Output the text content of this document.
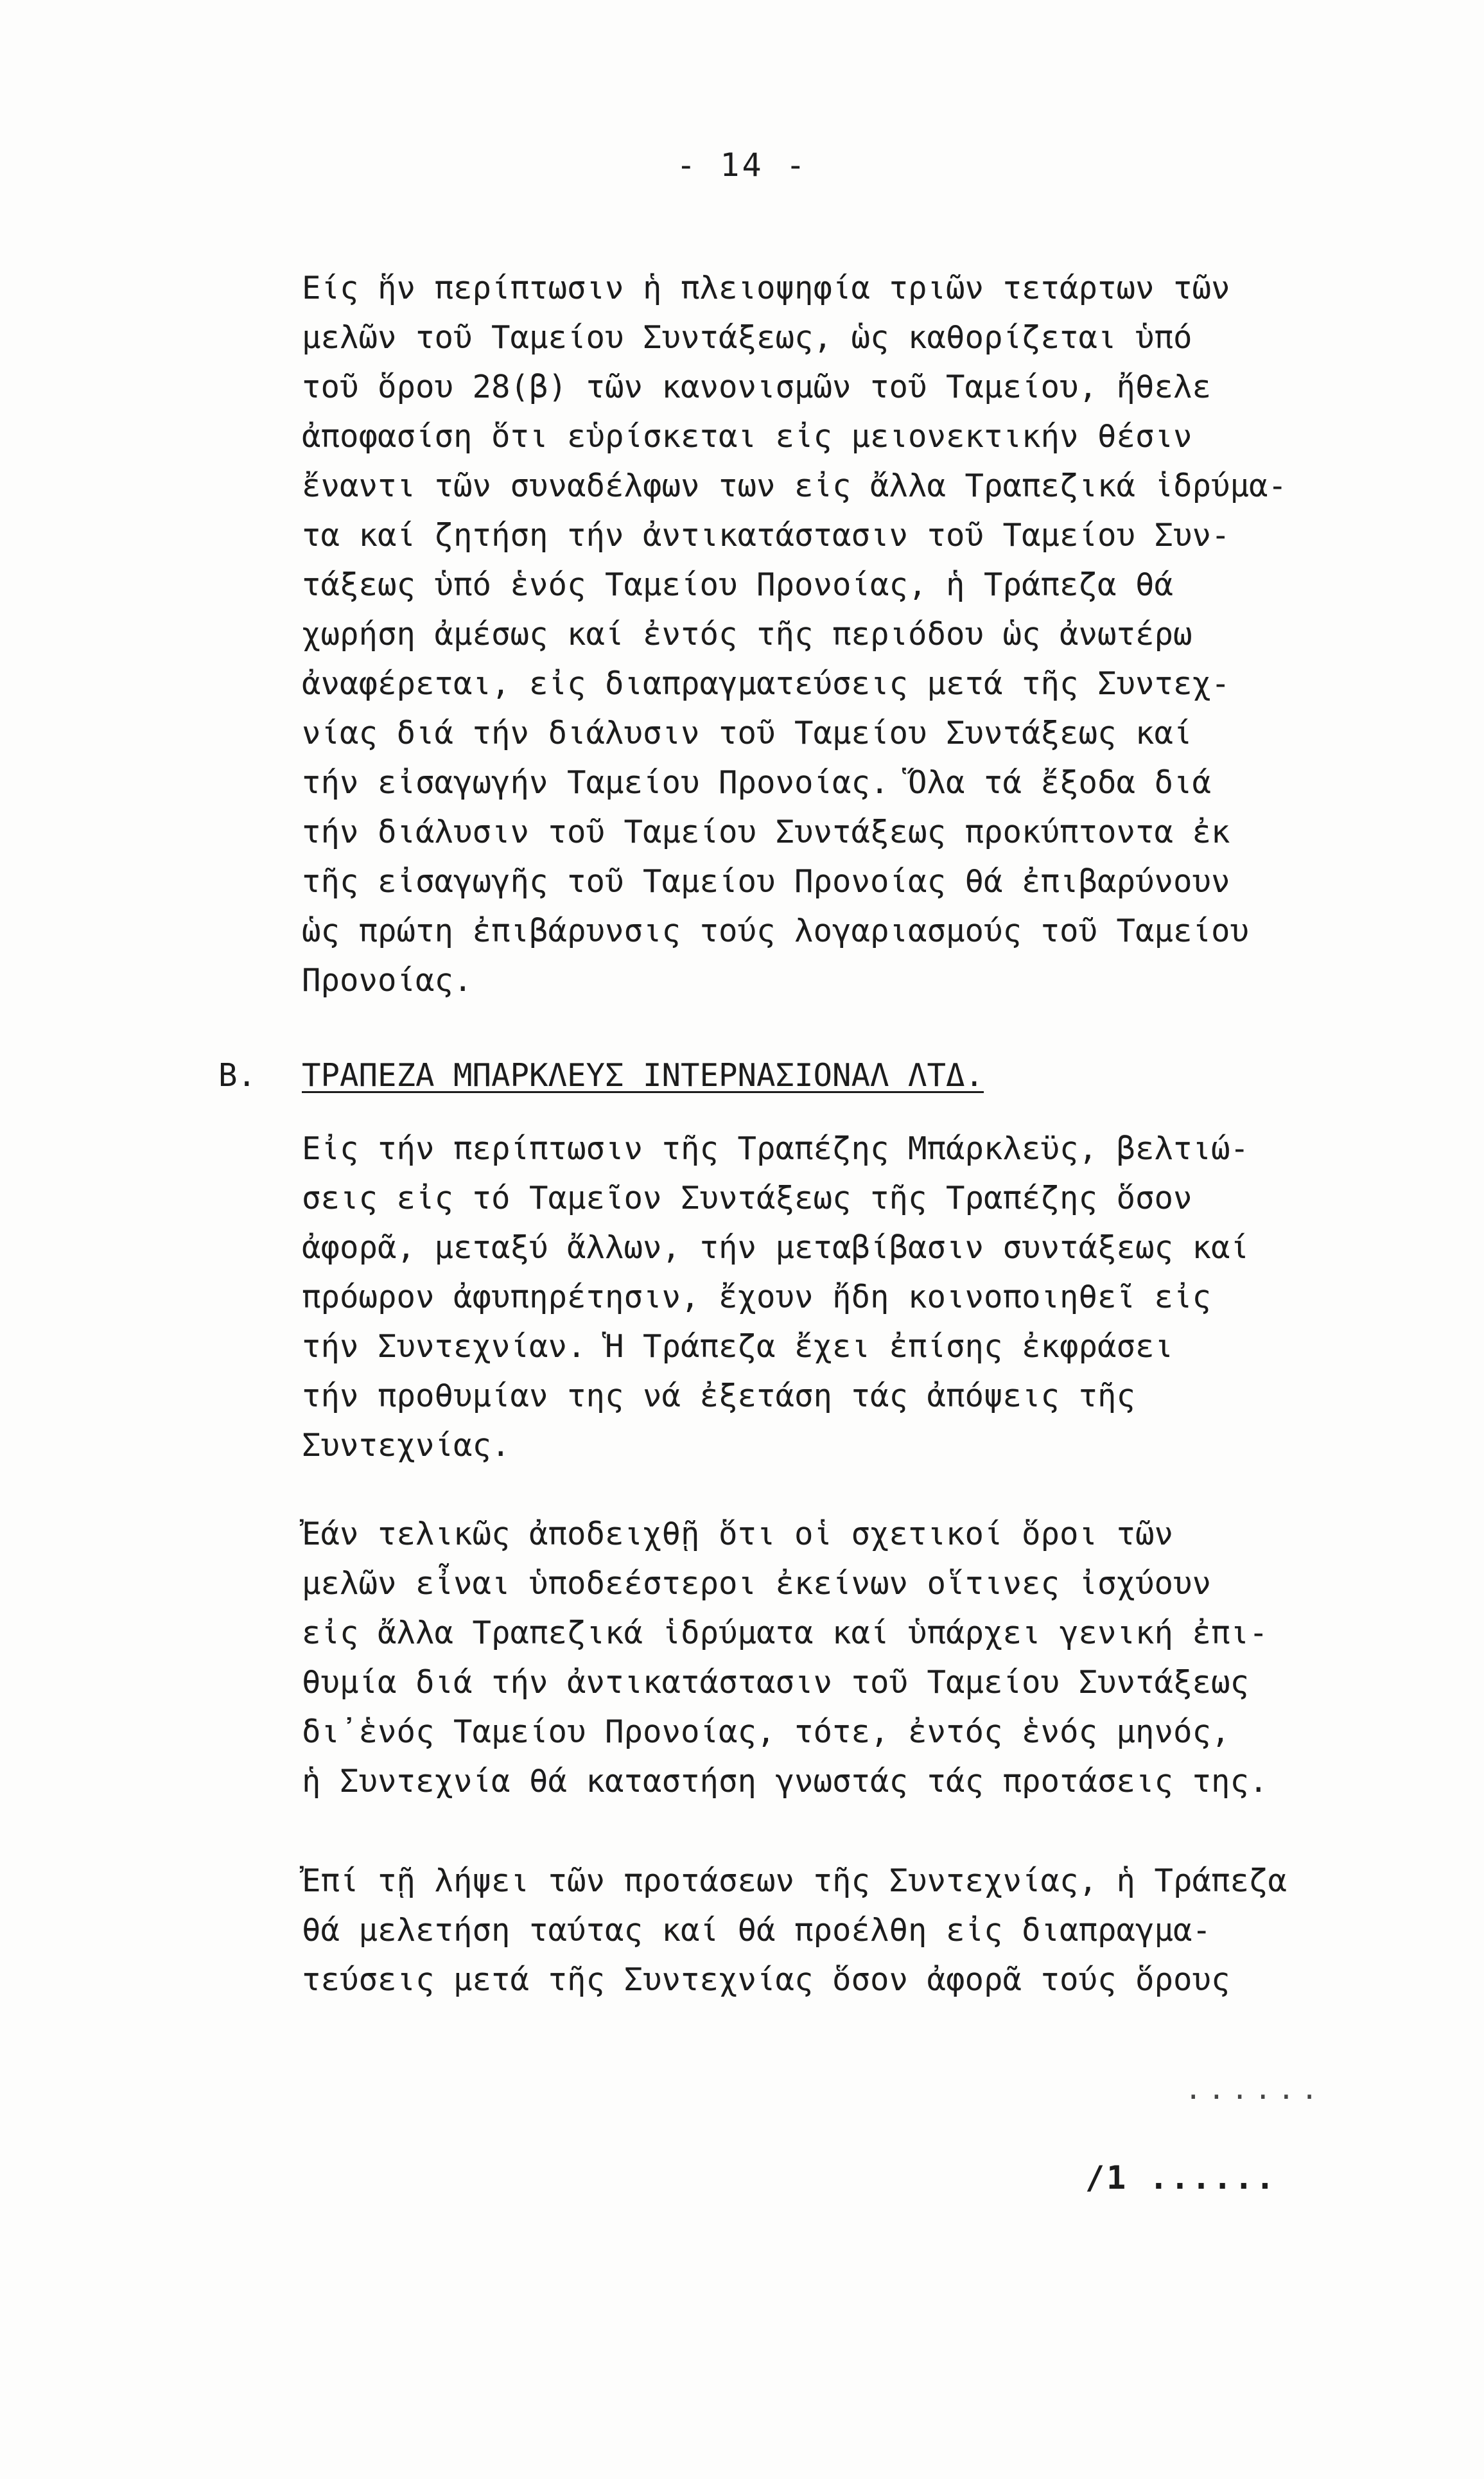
- 14 -
Είς ἥν περίπτωσιν ἡ πλειοψηφία τριῶν τετάρτων τῶν
μελῶν τοῦ Ταμείου Συντάξεως, ὡς καθορίζεται ὑπό
τοῦ ὅρου 28(β) τῶν κανονισμῶν τοῦ Ταμείου, ἤθελε
ἀποφασίση ὅτι εὑρίσκεται εἰς μειονεκτικήν θέσιν
ἔναντι τῶν συναδέλφων των εἰς ἄλλα Τραπεζικά ἱδρύμα-
τα καί ζητήση τήν ἀντικατάστασιν τοῦ Ταμείου Συν-
τάξεως ὑπό ἑνός Ταμείου Προνοίας, ἡ Τράπεζα θά
χωρήση ἀμέσως καί ἐντός τῆς περιόδου ὡς ἀνωτέρω
ἀναφέρεται, εἰς διαπραγματεύσεις μετά τῆς Συντεχ-
νίας διά τήν διάλυσιν τοῦ Ταμείου Συντάξεως καί
τήν εἰσαγωγήν Ταμείου Προνοίας. Ὅλα τά ἔξοδα διά
τήν διάλυσιν τοῦ Ταμείου Συντάξεως προκύπτοντα ἐκ
τῆς εἰσαγωγῆς τοῦ Ταμείου Προνοίας θά ἐπιβαρύνουν
ὡς πρώτη ἐπιβάρυνσις τούς λογαριασμούς τοῦ Ταμείου
Προνοίας.
B. ΤΡΑΠΕΖΑ ΜΠΑΡΚΛΕΥΣ ΙΝΤΕΡΝΑΣΙΟΝΑΛ ΛΤΔ.
Εἰς τήν περίπτωσιν τῆς Τραπέζης Μπάρκλεϋς, βελτιώ-
σεις εἰς τό Ταμεῖον Συντάξεως τῆς Τραπέζης ὅσον
ἀφορᾶ, μεταξύ ἄλλων, τήν μεταβίβασιν συντάξεως καί
πρόωρον ἀφυπηρέτησιν, ἔχουν ἤδη κοινοποιηθεῖ εἰς
τήν Συντεχνίαν. Ἡ Τράπεζα ἔχει ἐπίσης ἐκφράσει
τήν προθυμίαν της νά ἐξετάση τάς ἀπόψεις τῆς
Συντεχνίας.
Ἐάν τελικῶς ἀποδειχθῇ ὅτι οἱ σχετικοί ὅροι τῶν
μελῶν εἶναι ὑποδεέστεροι ἐκείνων οἵτινες ἰσχύουν
εἰς ἄλλα Τραπεζικά ἱδρύματα καί ὑπάρχει γενική ἐπι-
θυμία διά τήν ἀντικατάστασιν τοῦ Ταμείου Συντάξεως
δι᾽ἑνός Ταμείου Προνοίας, τότε, ἐντός ἑνός μηνός,
ἡ Συντεχνία θά καταστήση γνωστάς τάς προτάσεις της.
Ἐπί τῇ λήψει τῶν προτάσεων τῆς Συντεχνίας, ἡ Τράπεζα
θά μελετήση ταύτας καί θά προέλθη εἰς διαπραγμα-
τεύσεις μετά τῆς Συντεχνίας ὅσον ἀφορᾶ τούς ὅρους
......
/1 ......
